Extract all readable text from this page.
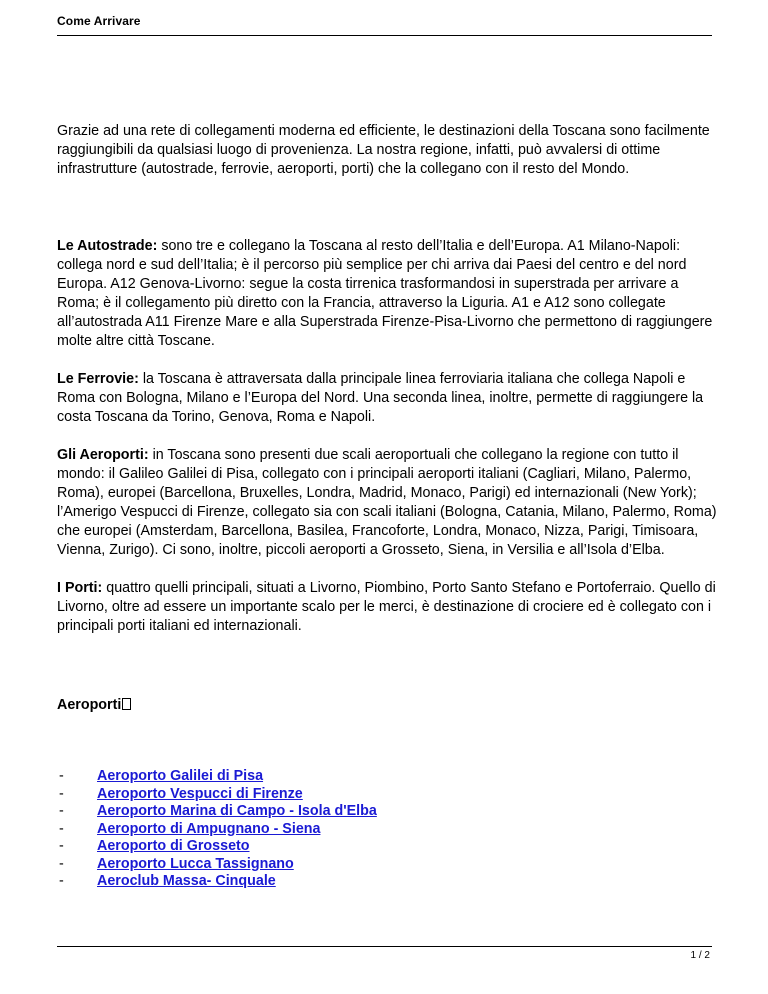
Come Arrivare

Grazie ad una rete di collegamenti moderna ed efficiente, le destinazioni della Toscana sono facilmente raggiungibili da qualsiasi luogo di provenienza. La nostra regione, infatti, può avvalersi di ottime infrastrutture (autostrade, ferrovie, aeroporti, porti) che la collegano con il resto del Mondo.

Le Autostrade: sono tre e collegano la Toscana al resto dell’Italia e dell’Europa. A1 Milano-Napoli: collega nord e sud dell’Italia; è il percorso più semplice per chi arriva dai Paesi del centro e del nord Europa. A12 Genova-Livorno: segue la costa tirrenica trasformandosi in superstrada per arrivare a Roma; è il collegamento più diretto con la Francia, attraverso la Liguria. A1 e A12 sono collegate all’autostrada A11 Firenze Mare e alla Superstrada Firenze-Pisa-Livorno che permettono di raggiungere molte altre città Toscane.

Le Ferrovie: la Toscana è attraversata dalla principale linea ferroviaria italiana che collega Napoli e Roma con Bologna, Milano e l’Europa del Nord. Una seconda linea, inoltre, permette di raggiungere la costa Toscana da Torino, Genova, Roma e Napoli.

Gli Aeroporti: in Toscana sono presenti due scali aeroportuali che collegano la regione con tutto il mondo: il Galileo Galilei di Pisa, collegato con i principali aeroporti italiani (Cagliari, Milano, Palermo, Roma), europei (Barcellona, Bruxelles, Londra, Madrid, Monaco, Parigi) ed internazionali (New York); l’Amerigo Vespucci di Firenze, collegato sia con scali italiani (Bologna, Catania, Milano, Palermo, Roma) che europei (Amsterdam, Barcellona, Basilea, Francoforte, Londra, Monaco, Nizza, Parigi, Timisoara, Vienna, Zurigo). Ci sono, inoltre, piccoli aeroporti a Grosseto, Siena, in Versilia e all’Isola d’Elba.

I Porti: quattro quelli principali, situati a Livorno, Piombino, Porto Santo Stefano e Portoferraio. Quello di Livorno, oltre ad essere un importante scalo per le merci, è destinazione di crociere ed è collegato con i principali porti italiani ed internazionali.

Aeroporti

-	Aeroporto Galilei di Pisa
-	Aeroporto Vespucci di Firenze
-	Aeroporto Marina di Campo - Isola d'Elba
-	Aeroporto di Ampugnano - Siena
-	Aeroporto di Grosseto
-	Aeroporto Lucca Tassignano
-	Aeroclub Massa- Cinquale
1 / 2
